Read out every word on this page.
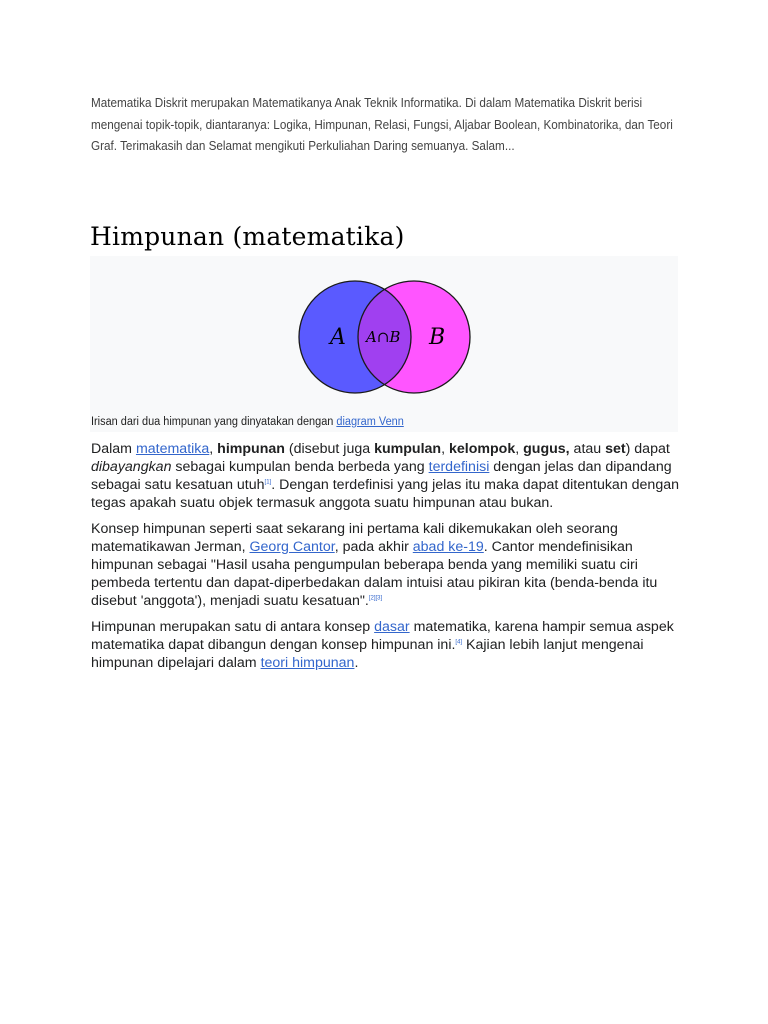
Matematika Diskrit merupakan Matematikanya Anak Teknik Informatika. Di dalam Matematika Diskrit berisi mengenai topik-topik, diantaranya: Logika, Himpunan, Relasi, Fungsi, Aljabar Boolean, Kombinatorika, dan Teori Graf. Terimakasih dan Selamat mengikuti Perkuliahan Daring semuanya. Salam...
Himpunan (matematika)
A A∩B B
Irisan dari dua himpunan yang dinyatakan dengan diagram Venn

Dalam matematika, himpunan (disebut juga kumpulan, kelompok, gugus, atau set) dapat dibayangkan sebagai kumpulan benda berbeda yang terdefinisi dengan jelas dan dipandang sebagai satu kesatuan utuh[1]. Dengan terdefinisi yang jelas itu maka dapat ditentukan dengan tegas apakah suatu objek termasuk anggota suatu himpunan atau bukan.

Konsep himpunan seperti saat sekarang ini pertama kali dikemukakan oleh seorang matematikawan Jerman, Georg Cantor, pada akhir abad ke-19. Cantor mendefinisikan himpunan sebagai "Hasil usaha pengumpulan beberapa benda yang memiliki suatu ciri pembeda tertentu dan dapat-diperbedakan dalam intuisi atau pikiran kita (benda-benda itu disebut 'anggota'), menjadi suatu kesatuan".[2][3]

Himpunan merupakan satu di antara konsep dasar matematika, karena hampir semua aspek matematika dapat dibangun dengan konsep himpunan ini.[4] Kajian lebih lanjut mengenai himpunan dipelajari dalam teori himpunan.
